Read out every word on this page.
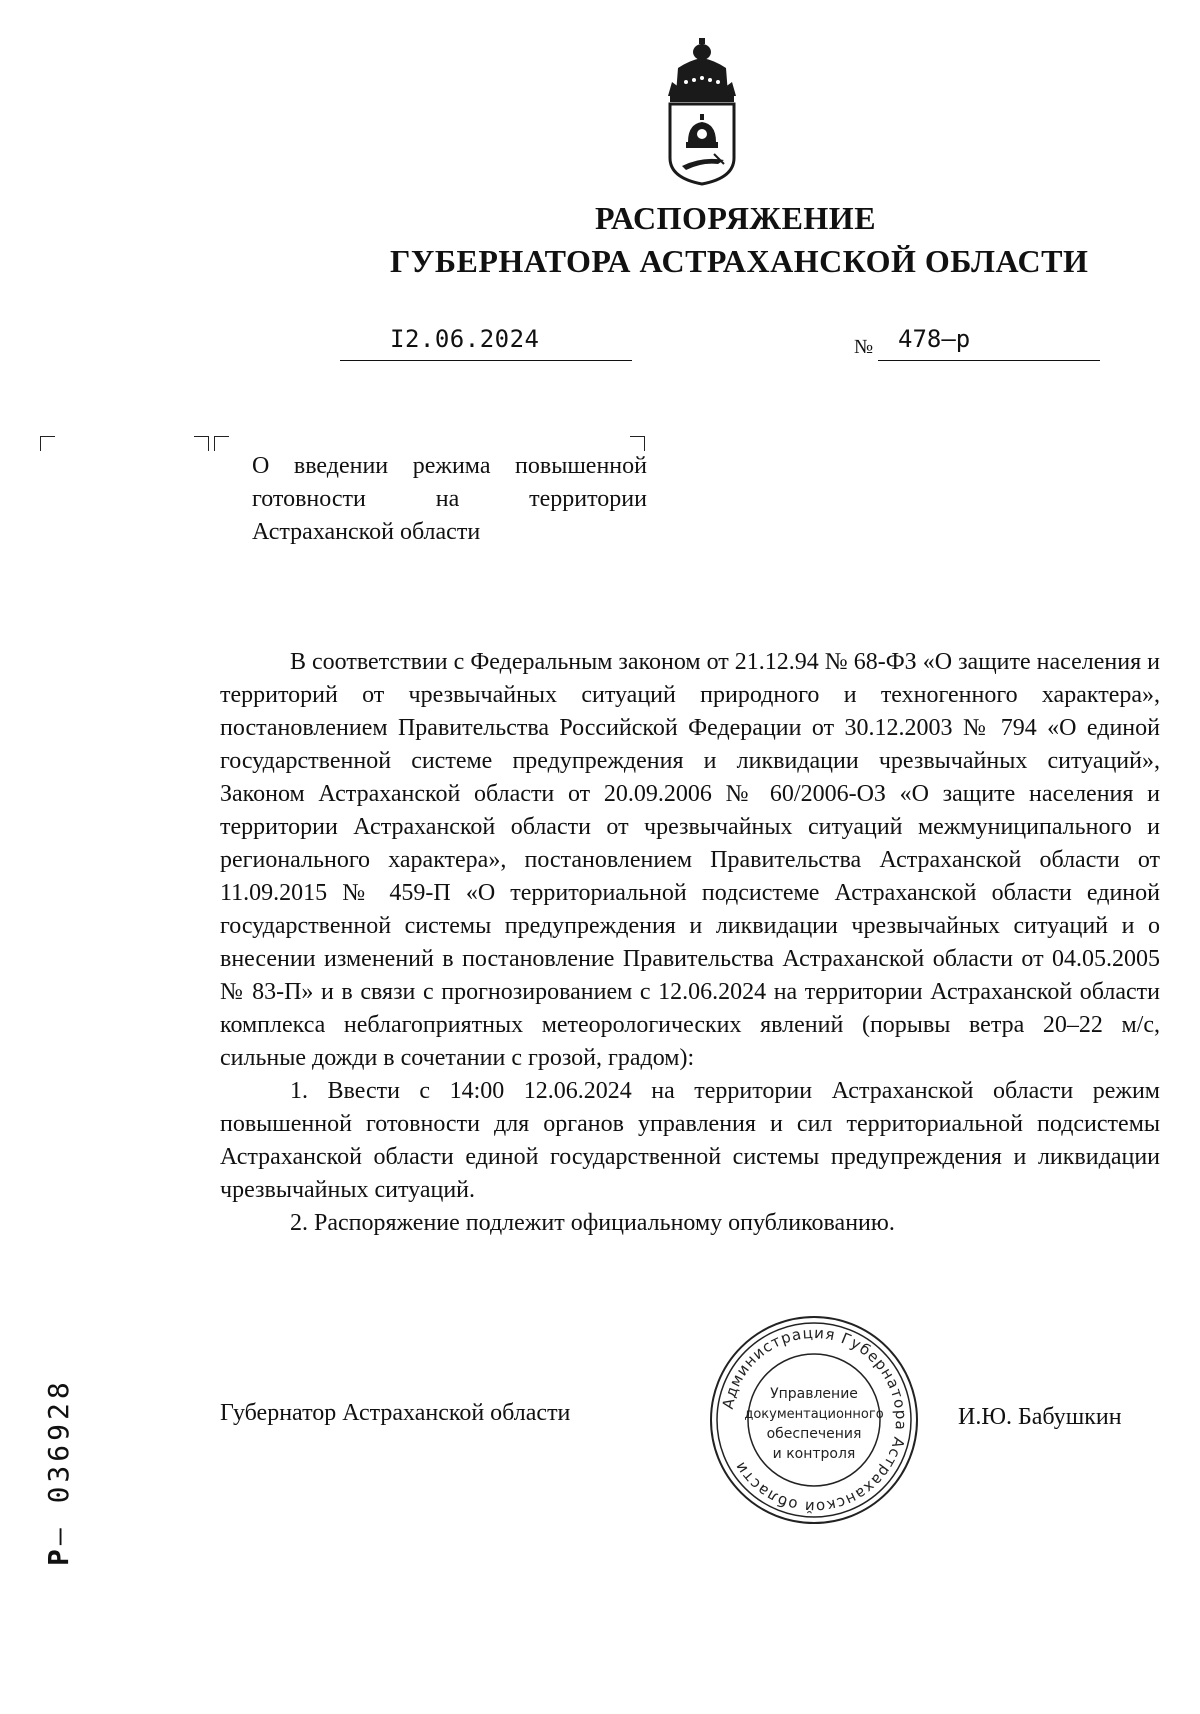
РАСПОРЯЖЕНИЕ
ГУБЕРНАТОРА АСТРАХАНСКОЙ ОБЛАСТИ
I2.06.2024	№ 478–р
О введении режима повышенной готовности на территории Астраханской области

В соответствии с Федеральным законом от 21.12.94 № 68-ФЗ «О защите населения и территорий от чрезвычайных ситуаций природного и техногенного характера», постановлением Правительства Российской Федерации от 30.12.2003 № 794 «О единой государственной системе предупреждения и ликвидации чрезвычайных ситуаций», Законом Астраханской области от 20.09.2006 № 60/2006-ОЗ «О защите населения и территории Астраханской области от чрезвычайных ситуаций межмуниципального и регионального характера», постановлением Правительства Астраханской области от 11.09.2015 № 459-П «О территориальной подсистеме Астраханской области единой государственной системы предупреждения и ликвидации чрезвычайных ситуаций и о внесении изменений в постановление Правительства Астраханской области от 04.05.2005 № 83-П» и в связи с прогнозированием с 12.06.2024 на территории Астраханской области комплекса неблагоприятных метеорологических явлений (порывы ветра 20–22 м/с, сильные дожди в сочетании с грозой, градом):

1. Ввести с 14:00 12.06.2024 на территории Астраханской области режим повышенной готовности для органов управления и сил территориальной подсистемы Астраханской области единой государственной системы предупреждения и ликвидации чрезвычайных ситуаций.

2. Распоряжение подлежит официальному опубликованию.

Губернатор Астраханской области	И.Ю. Бабушкин
Администрация Губернатора Астраханской области
Управление
документационного
обеспечения
и контроля
Р– 036928
